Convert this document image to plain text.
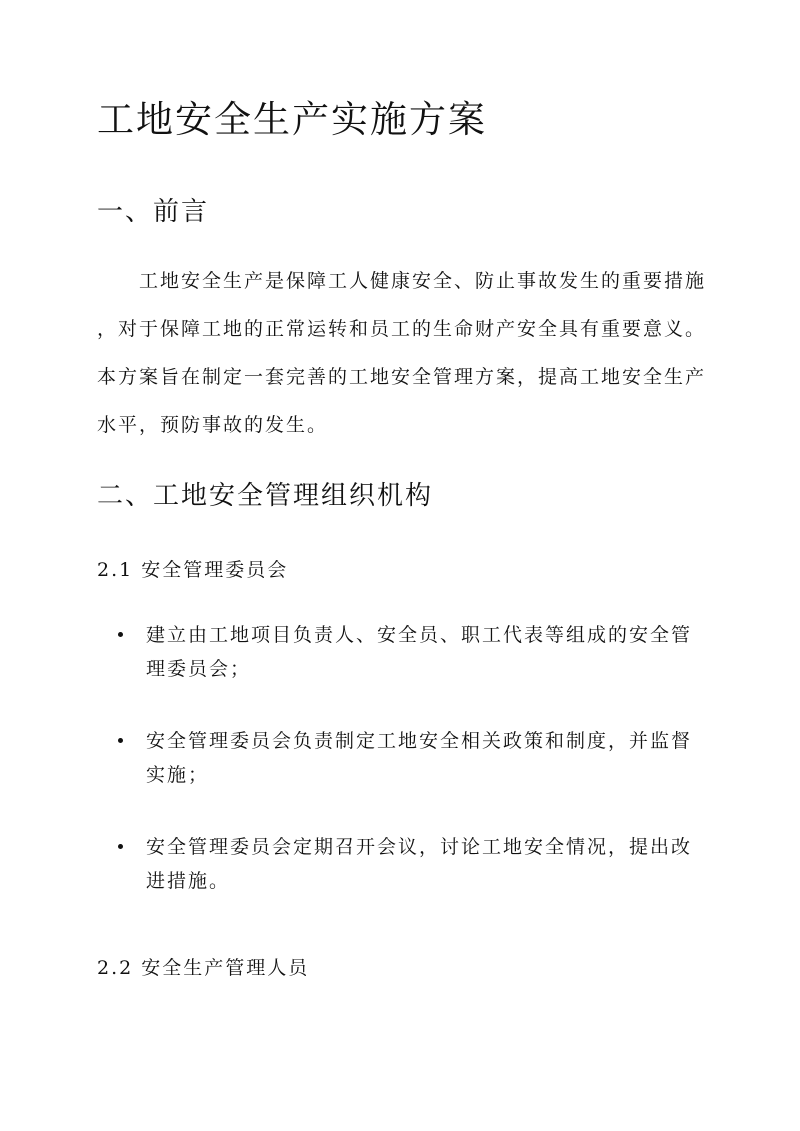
工地安全生产实施方案
一、前言

工地安全生产是保障工人健康安全、防止事故发生的重要措施
，对于保障工地的正常运转和员工的生命财产安全具有重要意义。
本方案旨在制定一套完善的工地安全管理方案，提高工地安全生产
水平，预防事故的发生。

二、工地安全管理组织机构
2.1 安全管理委员会
建立由工地项目负责人、安全员、职工代表等组成的安全管
理委员会；
安全管理委员会负责制定工地安全相关政策和制度，并监督
实施；
安全管理委员会定期召开会议，讨论工地安全情况，提出改
进措施。
2.2 安全生产管理人员
